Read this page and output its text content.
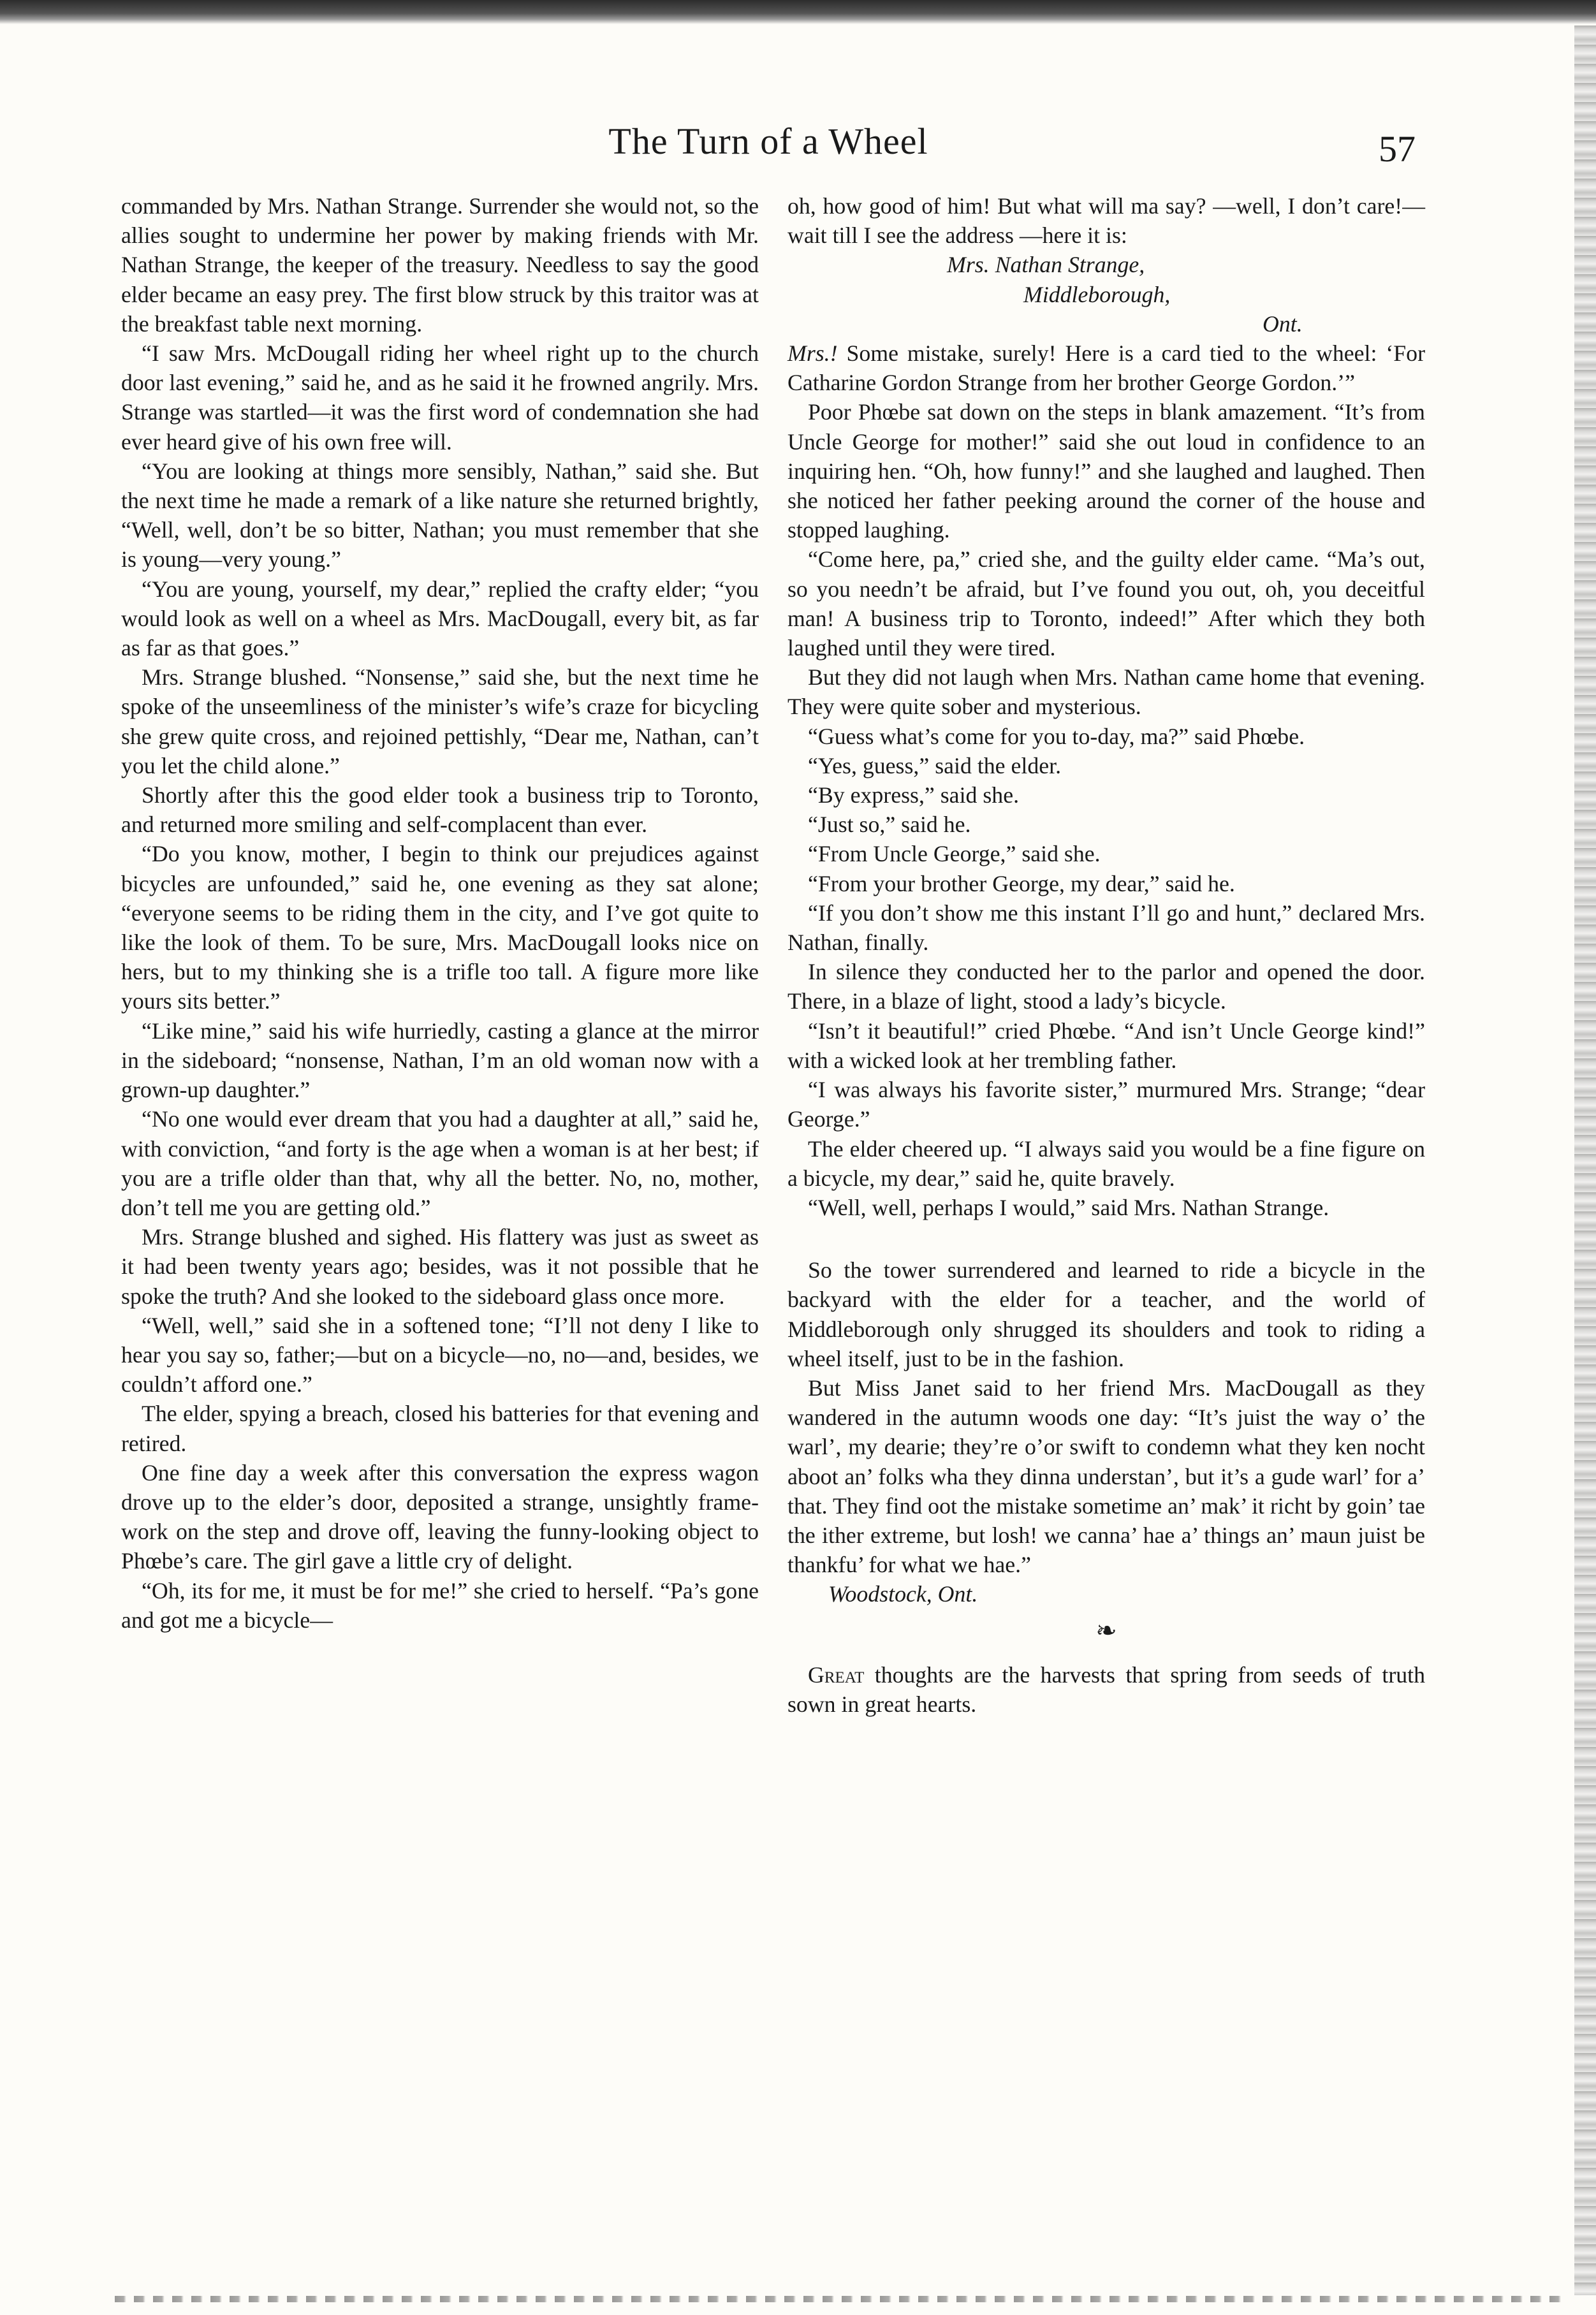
The Turn of a Wheel	57

commanded by Mrs. Nathan Strange. Surrender she would not, so the allies sought to undermine her power by making friends with Mr. Nathan Strange, the keeper of the treasury. Needless to say the good elder became an easy prey. The first blow struck by this traitor was at the breakfast table next morning.

“I saw Mrs. McDougall riding her wheel right up to the church door last evening,” said he, and as he said it he frowned angrily. Mrs. Strange was startled—it was the first word of condemnation she had ever heard give of his own free will.

“You are looking at things more sensibly, Nathan,” said she. But the next time he made a remark of a like nature she returned brightly, “Well, well, don’t be so bitter, Nathan; you must remember that she is young—very young.”

“You are young, yourself, my dear,” replied the crafty elder; “you would look as well on a wheel as Mrs. MacDougall, every bit, as far as far as that goes.”

Mrs. Strange blushed. “Nonsense,” said she, but the next time he spoke of the unseemliness of the minister’s wife’s craze for bicycling she grew quite cross, and rejoined pettishly, “Dear me, Nathan, can’t you let the child alone.”

Shortly after this the good elder took a business trip to Toronto, and returned more smiling and self-complacent than ever.

“Do you know, mother, I begin to think our prejudices against bicycles are unfounded,” said he, one evening as they sat alone; “everyone seems to be riding them in the city, and I’ve got quite to like the look of them. To be sure, Mrs. MacDougall looks nice on hers, but to my thinking she is a trifle too tall. A figure more like yours sits better.”

“Like mine,” said his wife hurriedly, casting a glance at the mirror in the sideboard; “nonsense, Nathan, I’m an old woman now with a grown-up daughter.”

“No one would ever dream that you had a daughter at all,” said he, with conviction, “and forty is the age when a woman is at her best; if you are a trifle older than that, why all the better. No, no, mother, don’t tell me you are getting old.”

Mrs. Strange blushed and sighed. His flattery was just as sweet as it had been twenty years ago; besides, was it not possible that he spoke the truth? And she looked to the sideboard glass once more.

“Well, well,” said she in a softened tone; “I’ll not deny I like to hear you say so, father;—but on a bicycle—no, no—and, besides, we couldn’t afford one.”

The elder, spying a breach, closed his batteries for that evening and retired.

One fine day a week after this conversation the express wagon drove up to the elder’s door, deposited a strange, unsightly frame-work on the step and drove off, leaving the funny-looking object to Phœbe’s care. The girl gave a little cry of delight.

“Oh, its for me, it must be for me!” she cried to herself. “Pa’s gone and got me a bicycle—

oh, how good of him! But what will ma say? —well, I don’t care!—wait till I see the address —here it is:

Mrs. Nathan Strange,
Middleborough,
Ont.

Mrs.! Some mistake, surely! Here is a card tied to the wheel: ‘For Catharine Gordon Strange from her brother George Gordon.’”

Poor Phœbe sat down on the steps in blank amazement. “It’s from Uncle George for mother!” said she out loud in confidence to an inquiring hen. “Oh, how funny!” and she laughed and laughed. Then she noticed her father peeking around the corner of the house and stopped laughing.

“Come here, pa,” cried she, and the guilty elder came. “Ma’s out, so you needn’t be afraid, but I’ve found you out, oh, you deceitful man! A business trip to Toronto, indeed!” After which they both laughed until they were tired.

But they did not laugh when Mrs. Nathan came home that evening. They were quite sober and mysterious.

“Guess what’s come for you to-day, ma?” said Phœbe.

“Yes, guess,” said the elder.

“By express,” said she.

“Just so,” said he.

“From Uncle George,” said she.

“From your brother George, my dear,” said he.

“If you don’t show me this instant I’ll go and hunt,” declared Mrs. Nathan, finally.

In silence they conducted her to the parlor and opened the door. There, in a blaze of light, stood a lady’s bicycle.

“Isn’t it beautiful!” cried Phœbe. “And isn’t Uncle George kind!” with a wicked look at her trembling father.

“I was always his favorite sister,” murmured Mrs. Strange; “dear George.”

The elder cheered up. “I always said you would be a fine figure on a bicycle, my dear,” said he, quite bravely.

“Well, well, perhaps I would,” said Mrs. Nathan Strange.

So the tower surrendered and learned to ride a bicycle in the backyard with the elder for a teacher, and the world of Middleborough only shrugged its shoulders and took to riding a wheel itself, just to be in the fashion.

But Miss Janet said to her friend Mrs. MacDougall as they wandered in the autumn woods one day: “It’s juist the way o’ the warl’, my dearie; they’re o’or swift to condemn what they ken nocht aboot an’ folks wha they dinna understan’, but it’s a gude warl’ for a’ that. They find oot the mistake sometime an’ mak’ it richt by goin’ tae the ither extreme, but losh! we canna’ hae a’ things an’ maun juist be thankfu’ for what we hae.”

Woodstock, Ont.

❧

Great thoughts are the harvests that spring from seeds of truth sown in great hearts.
